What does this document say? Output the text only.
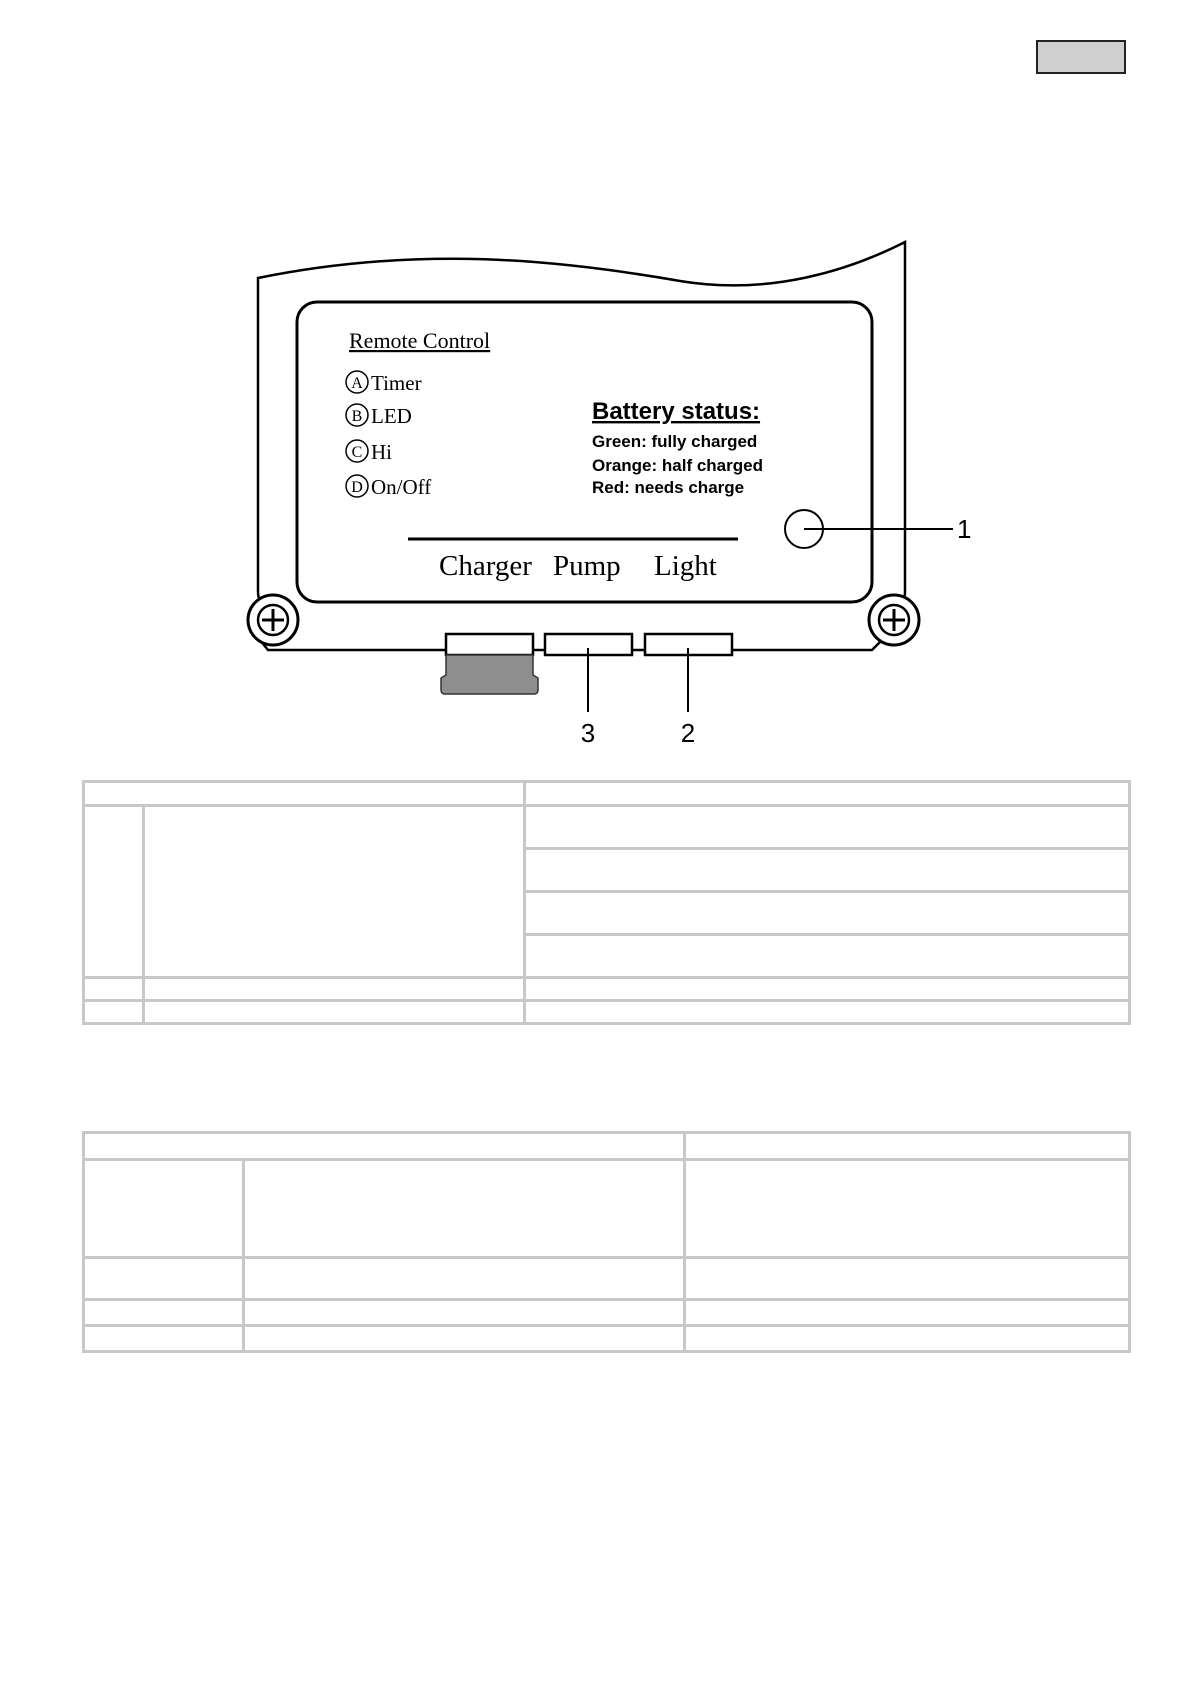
Remote Control
A Timer
B LED
C Hi
D On/Off
Battery status:
Green: fully charged
Orange: half charged
Red: needs charge
1
Charger Pump Light
3	2
